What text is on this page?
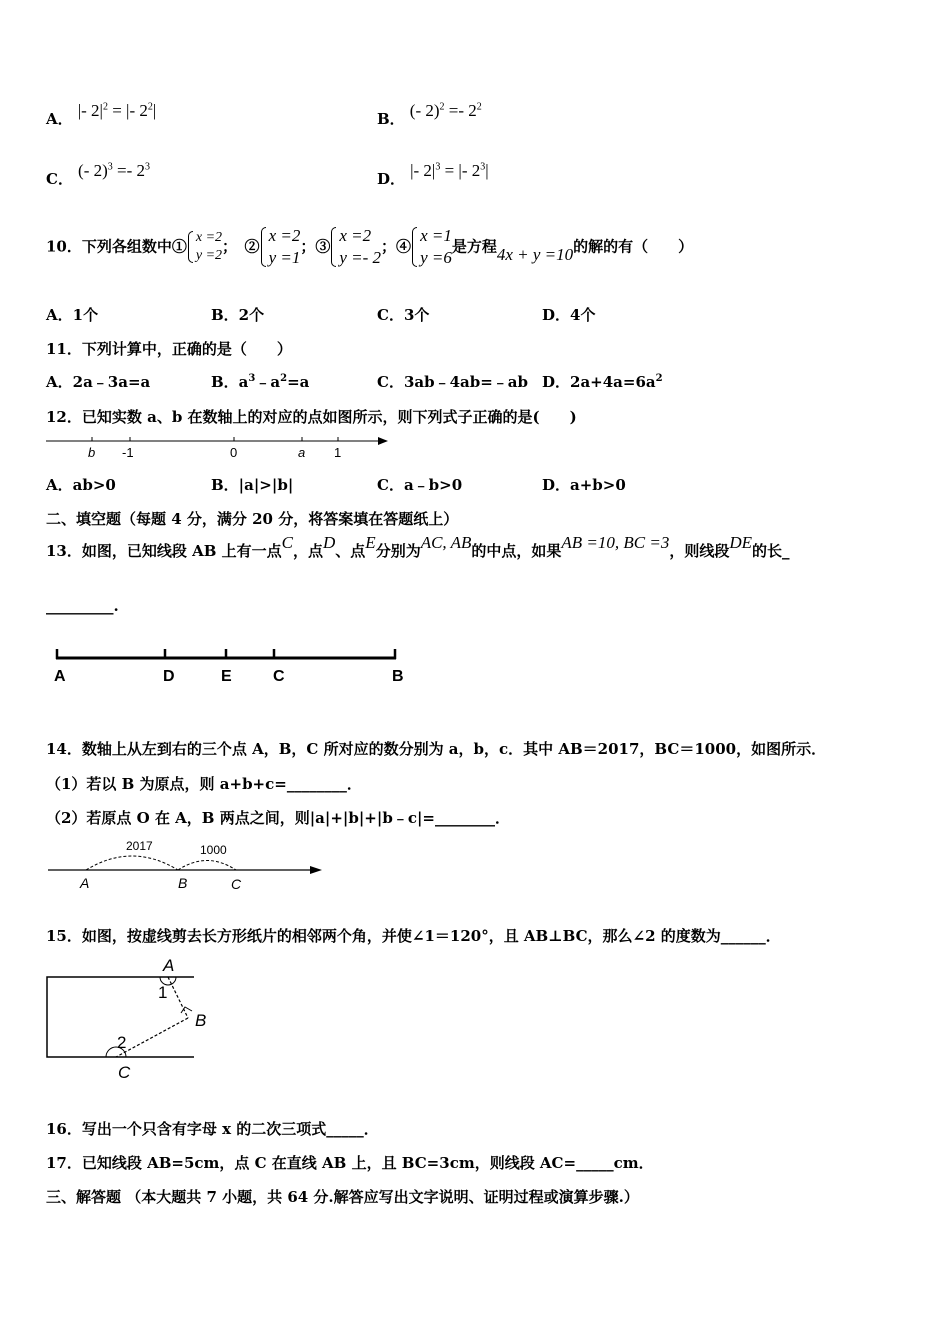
A． |- $2|^2$ = |- $2^2|$	B． (- $2)^2 =- 2^2$
C． (- $2)^3 =- 2^3$
D． |- $2|^3$ = |- $2^3|$
10．下列各组数中① x =2
y =2 ；　②
x =2
y =1
；③
x =2
y =- 2
；④
x =1
y =6
是方程4x + y =10的解的有（　　）
A．1个	B．2个	C．3个	D．4个
11．下列计算中，正确的是（　　）
A．2a﹣3a=a	B．$a^3﹣a^2=a$	C．3ab﹣4ab=﹣ab D．$2a+4a=6a^2$
12．已知实数 a、b 在数轴上的对应的点如图所示，则下列式子正确的是(　　)
b -1	0	a 1
A．ab>0	B．|a|>|b|	C．a﹣b>0	D．a+b>0
二、填空题（每题 4 分，满分 20 分，将答案填在答题纸上）
13．如图，已知线段 AB 上有一点C，点D、点E分别为AC, AB的中点，如果AB =10, BC =3，则线段DE的长_
_________.
A	D	E	C	B
14．数轴上从左到右的三个点 A，B，C 所对应的数分别为 a，b，c．其中 AB＝2017，BC＝1000，如图所示．
（1）若以 B 为原点，则 a+b+c=________．
（2）若原点 O 在 A，B 两点之间，则|a|+|b|+|b﹣c|=________．
2017	1000
A	B	C
15．如图，按虚线剪去长方形纸片的相邻两个角，并使∠1＝120°，且 AB⊥BC，那么∠2 的度数为______．
A
1
B
2
C
16．写出一个只含有字母 x 的二次三项式_____．
17．已知线段 AB=5cm，点 C 在直线 AB 上，且 BC=3cm，则线段 AC=_____cm．
三、解答题 （本大题共 7 小题，共 64 分.解答应写出文字说明、证明过程或演算步骤.）
